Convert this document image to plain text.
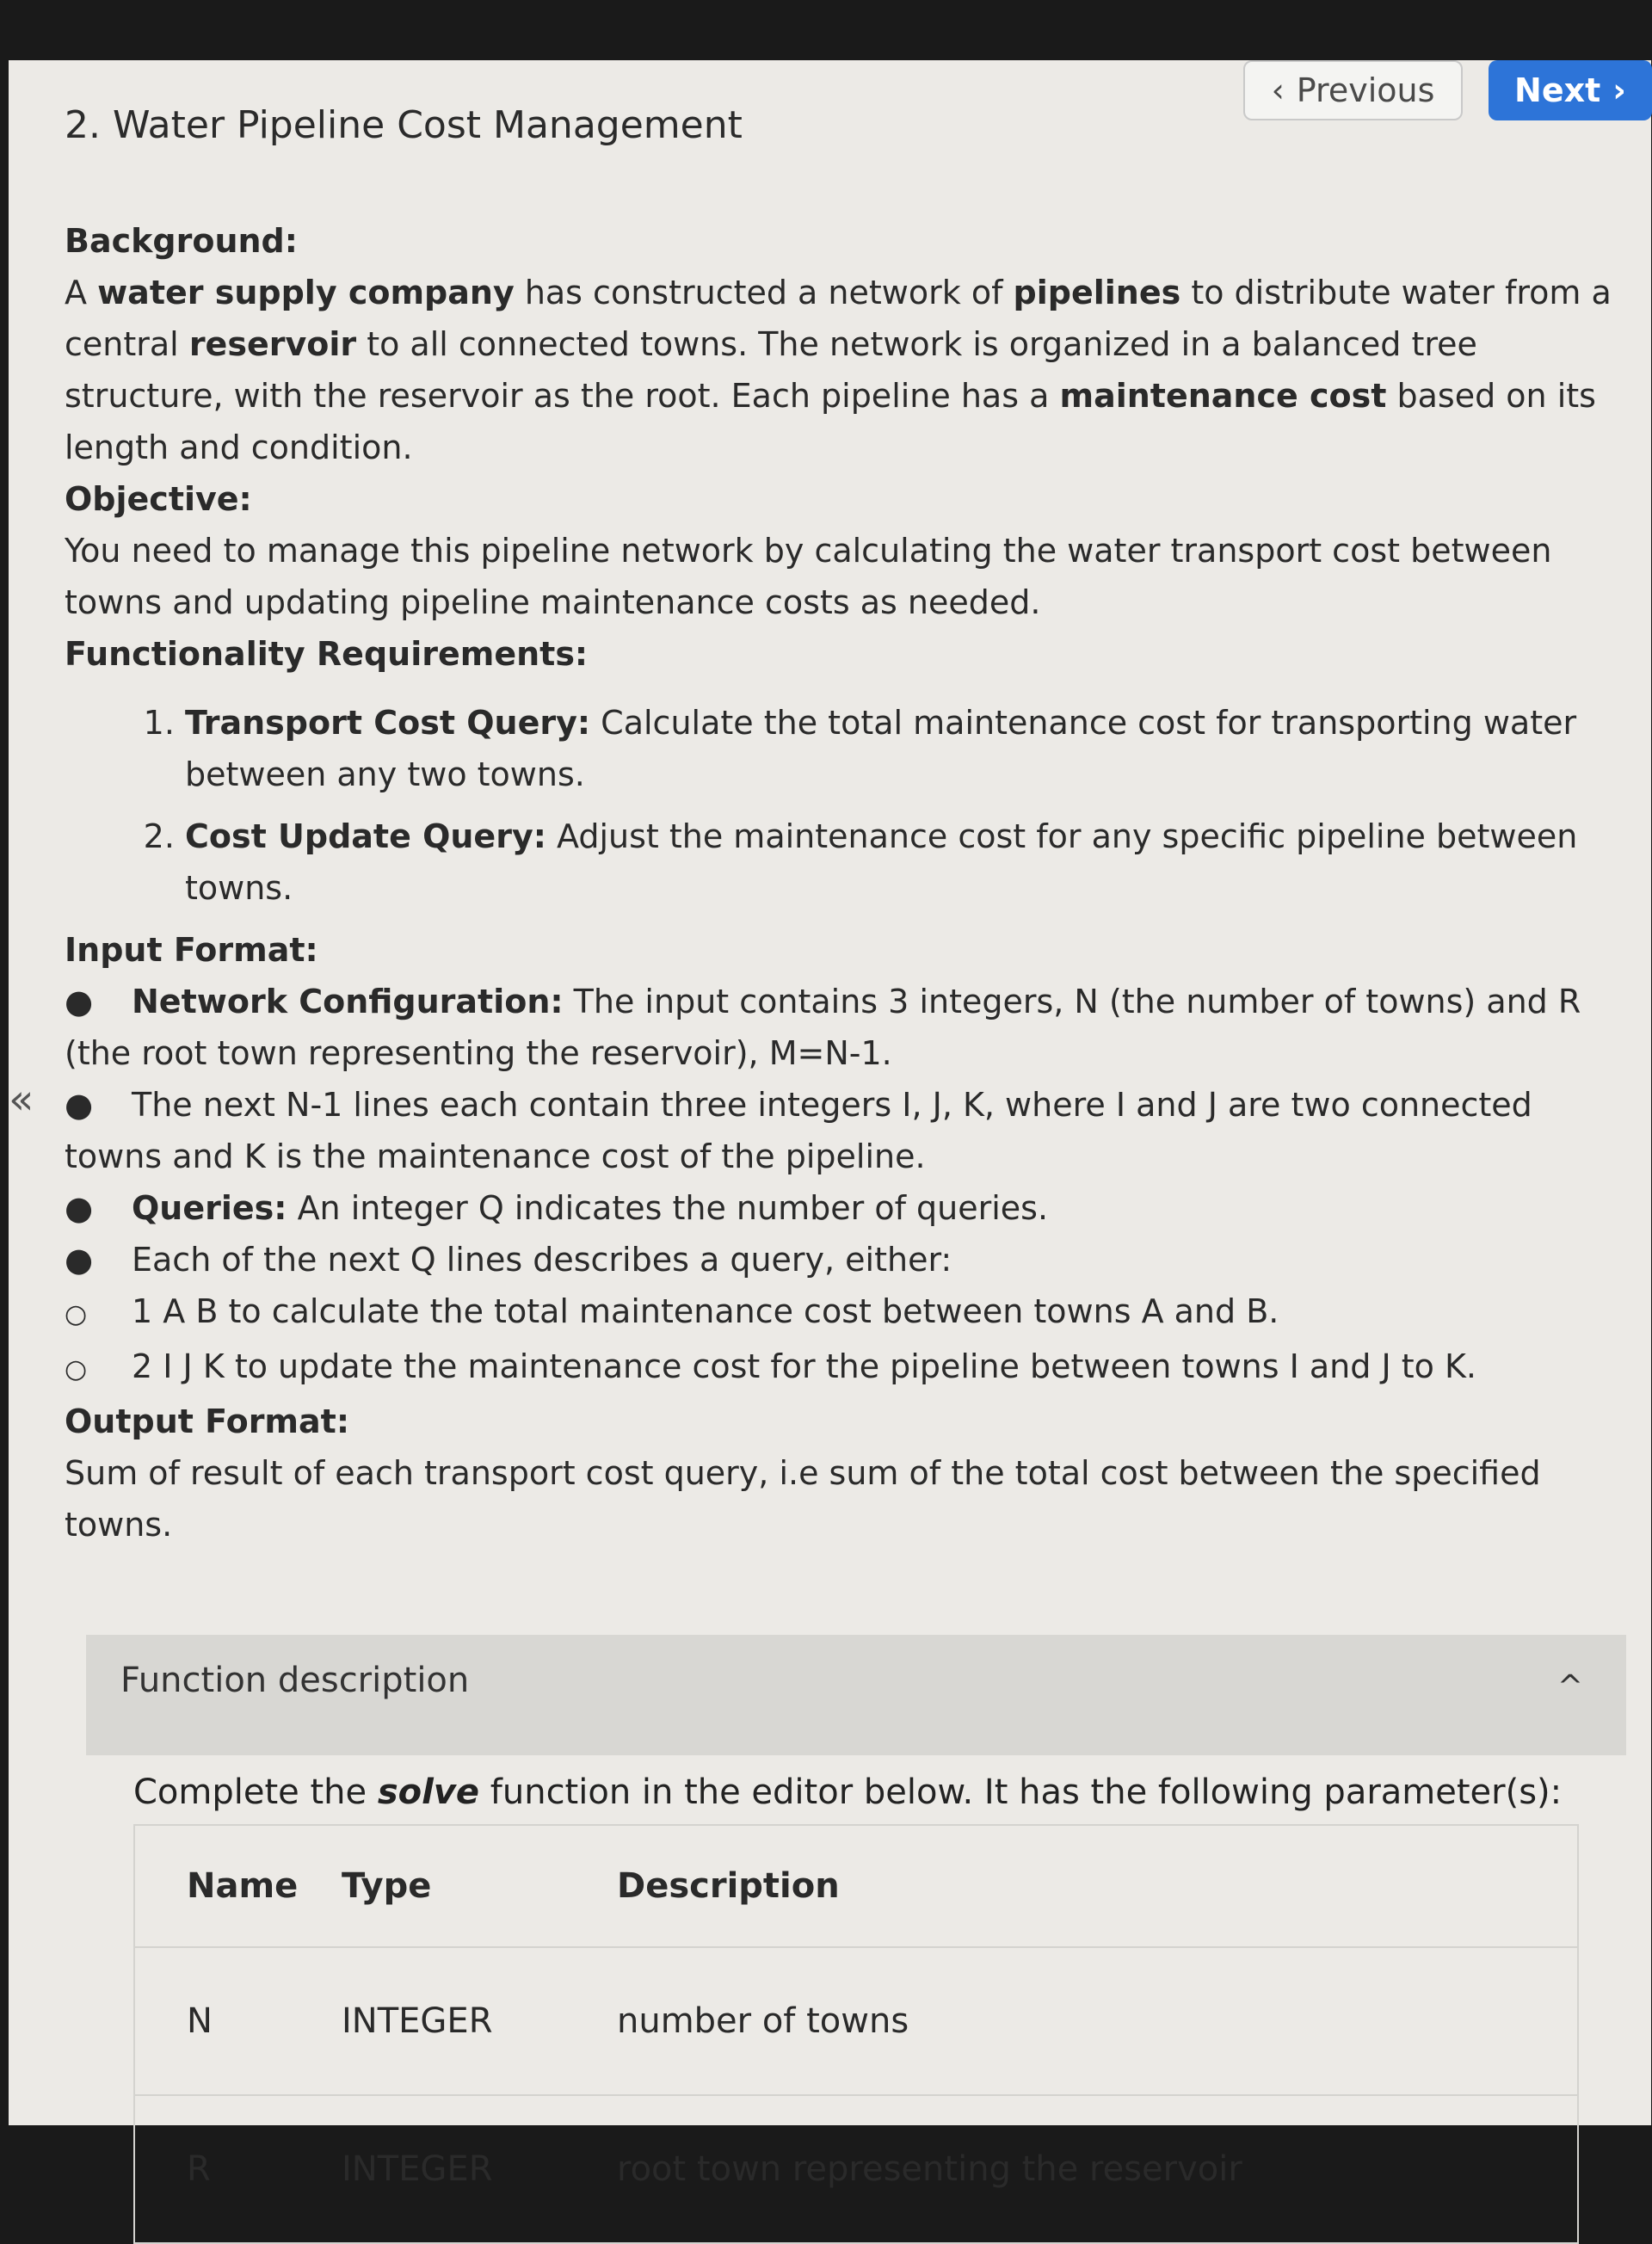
2. Water Pipeline Cost Management
‹ Previous Next ›
«
Background:

A water supply company has constructed a network of pipelines to distribute water from a central reservoir to all connected towns. The network is organized in a balanced tree structure, with the reservoir as the root. Each pipeline has a maintenance cost based on its length and condition.

Objective:

You need to manage this pipeline network by calculating the water transport cost between towns and updating pipeline maintenance costs as needed.

Functionality Requirements:
1. Transport Cost Query: Calculate the total maintenance cost for transporting water between any two towns.
2. Cost Update Query: Adjust the maintenance cost for any specific pipeline between towns.
Input Format:
● Network Configuration: The input contains 3 integers, N (the number of towns) and R (the root town representing the reservoir), M=N-1.
● The next N-1 lines each contain three integers I, J, K, where I and J are two connected towns and K is the maintenance cost of the pipeline.
● Queries: An integer Q indicates the number of queries.
● Each of the next Q lines describes a query, either:
○ 1 A B to calculate the total maintenance cost between towns A and B.
○ 2 I J K to update the maintenance cost for the pipeline between towns I and J to K.
Output Format:

Sum of result of each transport cost query, i.e sum of the total cost between the specified towns.

Function description	^
Complete the solve function in the editor below. It has the following parameter(s):
Name	Type	Description
N	INTEGER	number of towns
R	INTEGER	root town representing the reservoir
